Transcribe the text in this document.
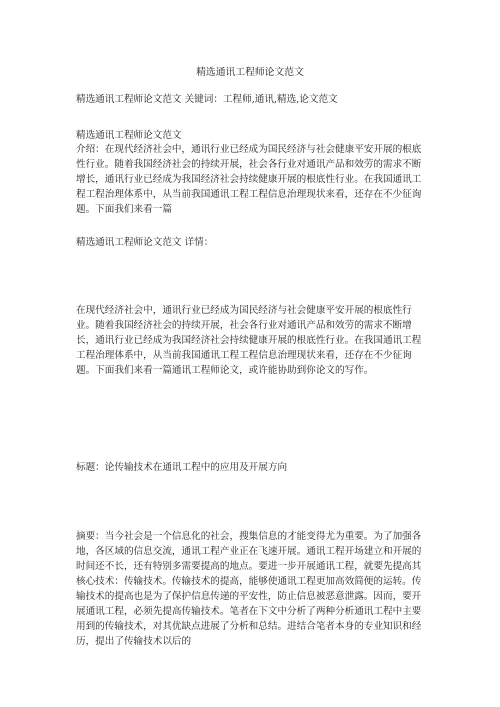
精选通讯工程师论文范文

精选通讯工程师论文范文 关键词：工程师,通讯,精选,论文范文

精选通讯工程师论文范文

介绍：在现代经济社会中，通讯行业已经成为国民经济与社会健康平安开展的根底性行业。随着我国经济社会的持续开展，社会各行业对通讯产品和效劳的需求不断增长，通讯行业已经成为我国经济社会持续健康开展的根底性行业。在我国通讯工程工程治理体系中，从当前我国通讯工程工程信息治理现状来看，还存在不少征询题。下面我们来看一篇

精选通讯工程师论文范文 详情：

在现代经济社会中，通讯行业已经成为国民经济与社会健康平安开展的根底性行业。随着我国经济社会的持续开展，社会各行业对通讯产品和效劳的需求不断增长，通讯行业已经成为我国经济社会持续健康开展的根底性行业。在我国通讯工程工程治理体系中，从当前我国通讯工程工程信息治理现状来看，还存在不少征询题。下面我们来看一篇通讯工程师论文，或许能协助到你论文的写作。

标题：论传输技术在通讯工程中的应用及开展方向

摘要：当今社会是一个信息化的社会，搜集信息的才能变得尤为重要。为了加强各地，各区域的信息交流，通讯工程产业正在飞速开展。通讯工程开场建立和开展的时间还不长，还有特别多需要提高的地点。要进一步开展通讯工程，就要先提高其核心技术：传输技术。传输技术的提高，能够使通讯工程更加高效简便的运转。传输技术的提高也是为了保护信息传递的平安性，防止信息被恶意泄露。因而，要开展通讯工程，必须先提高传输技术。笔者在下文中分析了两种分析通讯工程中主要用到的传输技术，对其优缺点进展了分析和总结。进结合笔者本身的专业知识和经历，提出了传输技术以后的
